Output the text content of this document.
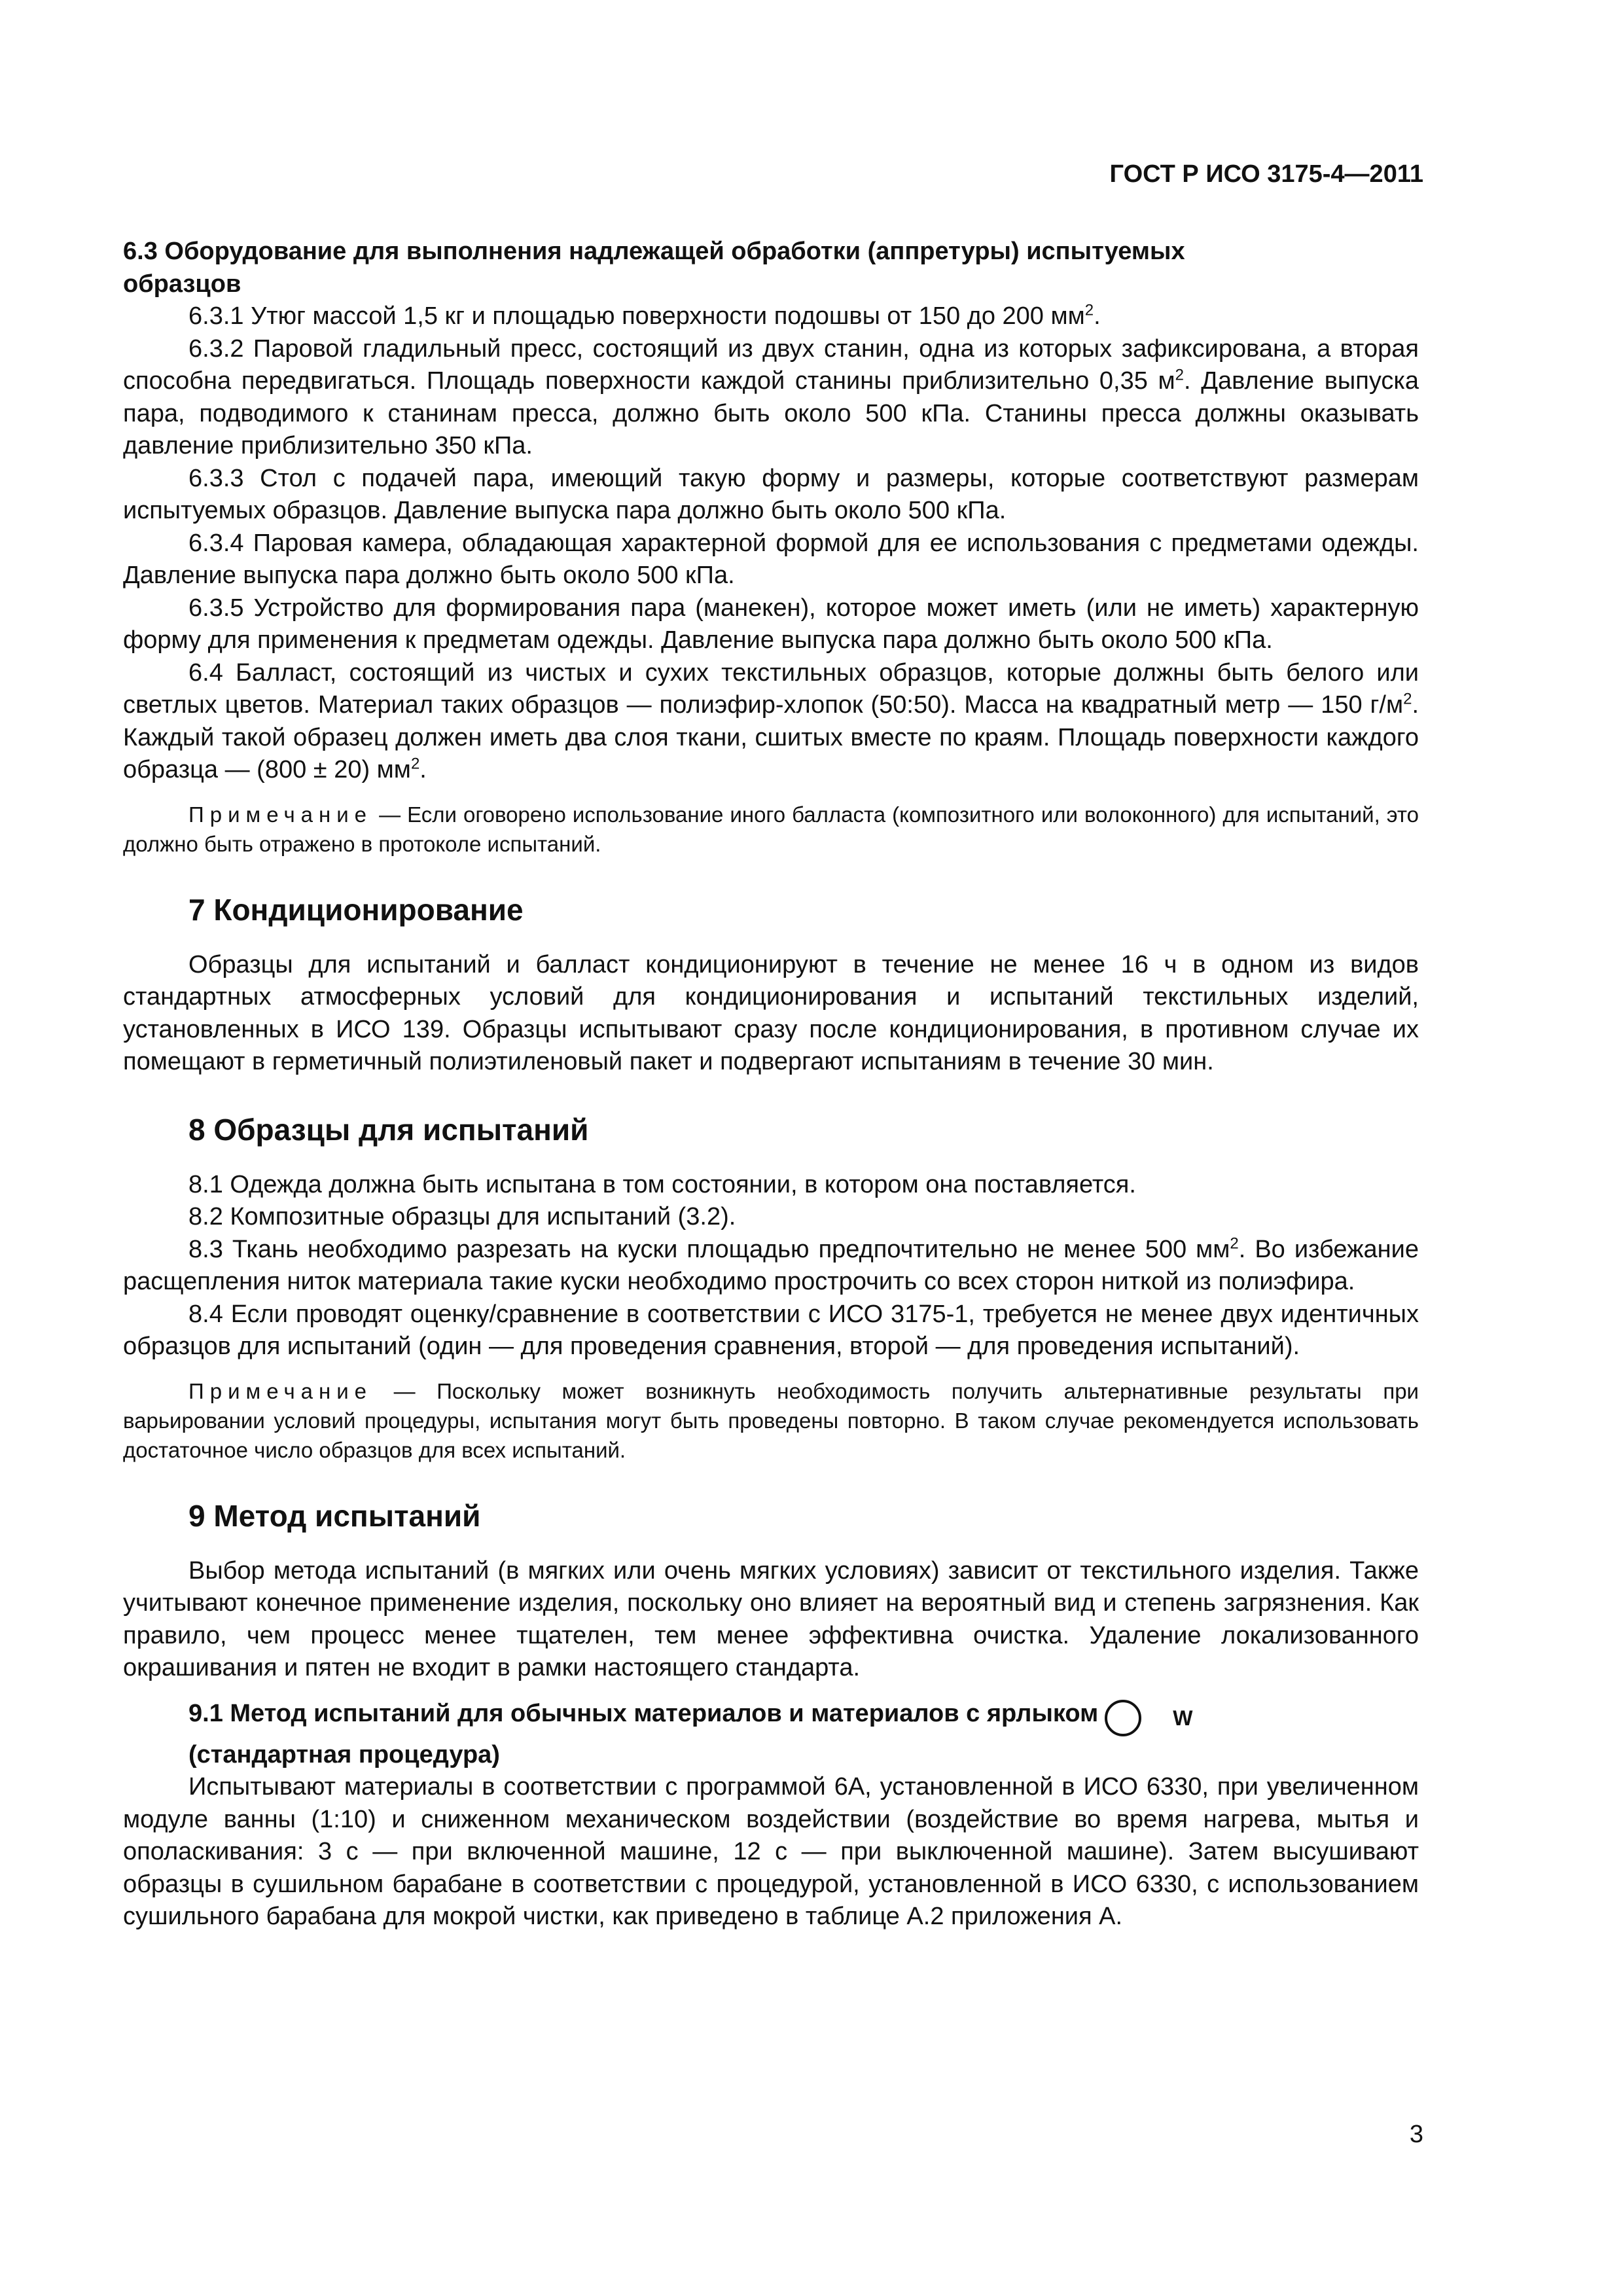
ГОСТ Р ИСО 3175-4—2011

6.3 Оборудование для выполнения надлежащей обработки (аппретуры) испытуемых
образцов

6.3.1 Утюг массой 1,5 кг и площадью поверхности подошвы от 150 до 200 $мм^2$.

6.3.2 Паровой гладильный пресс, состоящий из двух станин, одна из которых зафиксирована, а вторая способна передвигаться. Площадь поверхности каждой станины приблизительно 0,35 $м^2$. Давление выпуска пара, подводимого к станинам пресса, должно быть около 500 кПа. Станины пресса должны оказывать давление приблизительно 350 кПа.

6.3.3 Стол с подачей пара, имеющий такую форму и размеры, которые соответствуют размерам испытуемых образцов. Давление выпуска пара должно быть около 500 кПа.

6.3.4 Паровая камера, обладающая характерной формой для ее использования с предметами одежды. Давление выпуска пара должно быть около 500 кПа.

6.3.5 Устройство для формирования пара (манекен), которое может иметь (или не иметь) характерную форму для применения к предметам одежды. Давление выпуска пара должно быть около 500 кПа.

6.4 Балласт, состоящий из чистых и сухих текстильных образцов, которые должны быть белого или светлых цветов. Материал таких образцов — полиэфир-хлопок (50:50). Масса на квадратный метр — 150 $г/м^2$. Каждый такой образец должен иметь два слоя ткани, сшитых вместе по краям. Площадь поверхности каждого образца — (800 ± 20) $мм^2$.

Примечание — Если оговорено использование иного балласта (композитного или волоконного) для испытаний, это должно быть отражено в протоколе испытаний.

7 Кондиционирование

Образцы для испытаний и балласт кондиционируют в течение не менее 16 ч в одном из видов стандартных атмосферных условий для кондиционирования и испытаний текстильных изделий, установленных в ИСО 139. Образцы испытывают сразу после кондиционирования, в противном случае их помещают в герметичный полиэтиленовый пакет и подвергают испытаниям в течение 30 мин.

8 Образцы для испытаний

8.1 Одежда должна быть испытана в том состоянии, в котором она поставляется.

8.2 Композитные образцы для испытаний (3.2).

8.3 Ткань необходимо разрезать на куски площадью предпочтительно не менее 500 $мм^2$. Во избежание расщепления ниток материала такие куски необходимо прострочить со всех сторон ниткой из полиэфира.

8.4 Если проводят оценку/сравнение в соответствии с ИСО 3175-1, требуется не менее двух идентичных образцов для испытаний (один — для проведения сравнения, второй — для проведения испытаний).

Примечание — Поскольку может возникнуть необходимость получить альтернативные результаты при варьировании условий процедуры, испытания могут быть проведены повторно. В таком случае рекомендуется использовать достаточное число образцов для всех испытаний.

9 Метод испытаний

Выбор метода испытаний (в мягких или очень мягких условиях) зависит от текстильного изделия. Также учитывают конечное применение изделия, поскольку оно влияет на вероятный вид и степень загрязнения. Как правило, чем процесс менее тщателен, тем менее эффективна очистка. Удаление локализованного окрашивания и пятен не входит в рамки настоящего стандарта.

9.1 Метод испытаний для обычных материалов и материалов с ярлыком	W

(стандартная процедура)

Испытывают материалы в соответствии с программой 6А, установленной в ИСО 6330, при увеличенном модуле ванны (1:10) и сниженном механическом воздействии (воздействие во время нагрева, мытья и ополаскивания: 3 с — при включенной машине, 12 с — при выключенной машине). Затем высушивают образцы в сушильном барабане в соответствии с процедурой, установленной в ИСО 6330, с использованием сушильного барабана для мокрой чистки, как приведено в таблице А.2 приложения А.

3
